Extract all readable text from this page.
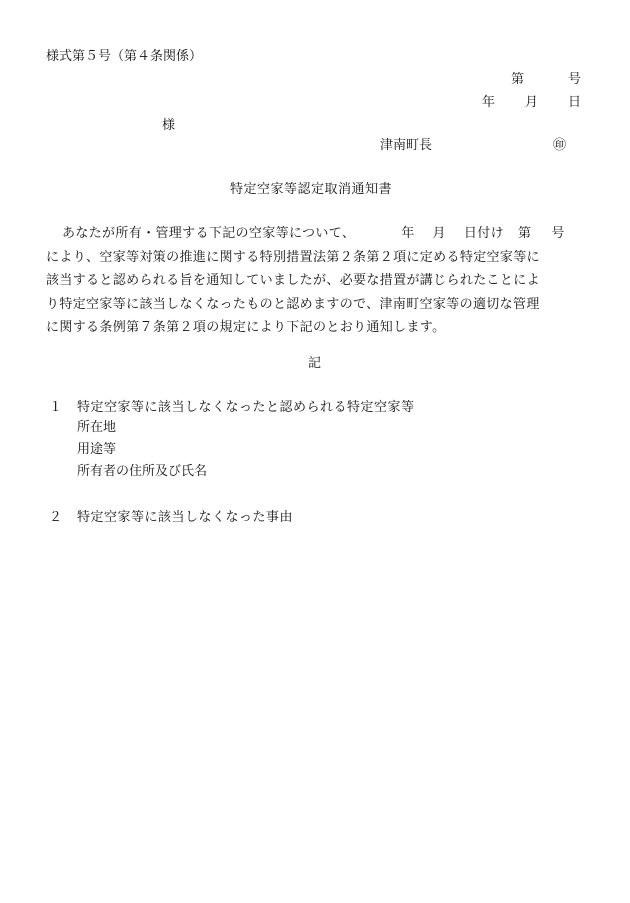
様式第５号（第４条関係）
第	号
年 月 日
様
津南町長	㊞
特定空家等認定取消通知書
あなたが所有・管理する下記の空家等について、	年 月 日付け 第 号
により、空家等対策の推進に関する特別措置法第２条第２項に定める特定空家等に
該当すると認められる旨を通知していましたが、必要な措置が講じられたことによ
り特定空家等に該当しなくなったものと認めますので、津南町空家等の適切な管理
に関する条例第７条第２項の規定により下記のとおり通知します。
記
１ 特定空家等に該当しなくなったと認められる特定空家等
所在地
用途等
所有者の住所及び氏名
２ 特定空家等に該当しなくなった事由
